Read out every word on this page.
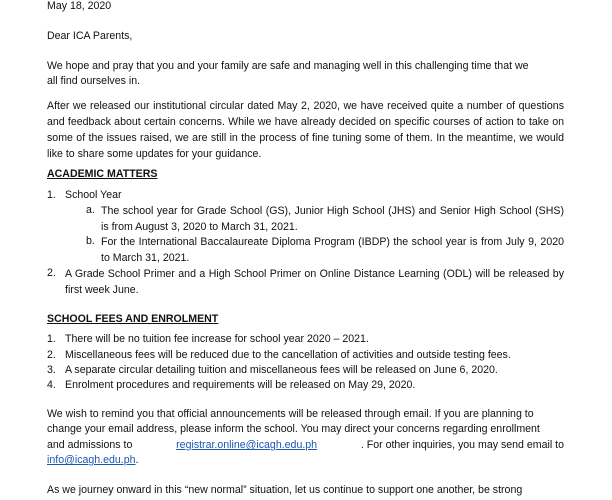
May 18, 2020
Dear ICA Parents,
We hope and pray that you and your family are safe and managing well in this challenging time that we
all find ourselves in.
After we released our institutional circular dated May 2, 2020, we have received quite a number of questions and feedback about certain concerns. While we have already decided on specific courses of action to take on some of the issues raised, we are still in the process of fine tuning some of them. In the meantime, we would like to share some updates for your guidance.
ACADEMIC MATTERS
1. School Year
a. The school year for Grade School (GS), Junior High School (JHS) and Senior High School (SHS) is from August 3, 2020 to March 31, 2021.
b. For the International Baccalaureate Diploma Program (IBDP) the school year is from July 9, 2020 to March 31, 2021.
2. A Grade School Primer and a High School Primer on Online Distance Learning (ODL) will be released by first week June.
SCHOOL FEES AND ENROLMENT
1. There will be no tuition fee increase for school year 2020 – 2021.
2. Miscellaneous fees will be reduced due to the cancellation of activities and outside testing fees.
3. A separate circular detailing tuition and miscellaneous fees will be released on June 6, 2020.
4. Enrolment procedures and requirements will be released on May 29, 2020.
We wish to remind you that official announcements will be released through email. If you are planning to
change your email address, please inform the school. You may direct your concerns regarding enrollment
and admissions to	registrar.online@icagh.edu.ph	. For other inquiries, you may send email to
info@icagh.edu.ph.
As we journey onward in this “new normal” situation, let us continue to support one another, be strong
